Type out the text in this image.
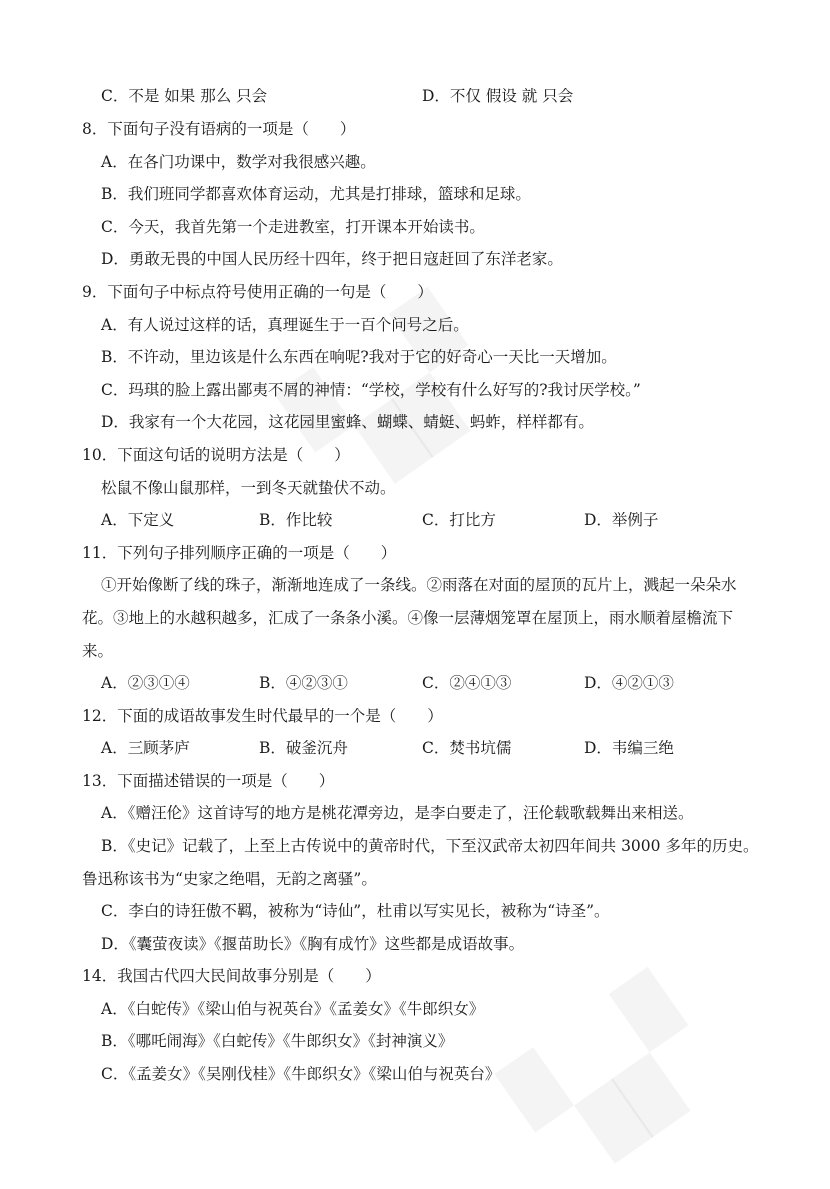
C．不是 如果 那么 只会	D．不仅 假设 就 只会
8．下面句子没有语病的一项是（　　）
A．在各门功课中，数学对我很感兴趣。
B．我们班同学都喜欢体育运动，尤其是打排球，篮球和足球。
C．今天，我首先第一个走进教室，打开课本开始读书。
D．勇敢无畏的中国人民历经十四年，终于把日寇赶回了东洋老家。
9．下面句子中标点符号使用正确的一句是（　　）
A．有人说过这样的话，真理诞生于一百个问号之后。
B．不许动，里边该是什么东西在响呢?我对于它的好奇心一天比一天增加。
C．玛琪的脸上露出鄙夷不屑的神情：“学校，学校有什么好写的?我讨厌学校。”
D．我家有一个大花园，这花园里蜜蜂、蝴蝶、蜻蜓、蚂蚱，样样都有。
10．下面这句话的说明方法是（　　）
松鼠不像山鼠那样，一到冬天就蛰伏不动。
A．下定义	B．作比较	C．打比方	D．举例子
11．下列句子排列顺序正确的一项是（　　）
①开始像断了线的珠子，渐渐地连成了一条线。②雨落在对面的屋顶的瓦片上，溅起一朵朵水
花。③地上的水越积越多，汇成了一条条小溪。④像一层薄烟笼罩在屋顶上，雨水顺着屋檐流下
来。
A．②③①④	B．④②③①	C．②④①③	D．④②①③
12．下面的成语故事发生时代最早的一个是（　　）
A．三顾茅庐	B．破釜沉舟	C．焚书坑儒	D．韦编三绝
13．下面描述错误的一项是（　　）
A．《赠汪伦》这首诗写的地方是桃花潭旁边，是李白要走了，汪伦载歌载舞出来相送。
B．《史记》记载了，上至上古传说中的黄帝时代，下至汉武帝太初四年间共 3000 多年的历史。
鲁迅称该书为“史家之绝唱，无韵之离骚”。
C．李白的诗狂傲不羁，被称为“诗仙”，杜甫以写实见长，被称为“诗圣”。
D．《囊萤夜读》《揠苗助长》《胸有成竹》这些都是成语故事。
14．我国古代四大民间故事分别是（　　）
A．《白蛇传》《梁山伯与祝英台》《孟姜女》《牛郎织女》
B．《哪吒闹海》《白蛇传》《牛郎织女》《封神演义》
C．《孟姜女》《吴刚伐桂》《牛郎织女》《梁山伯与祝英台》
